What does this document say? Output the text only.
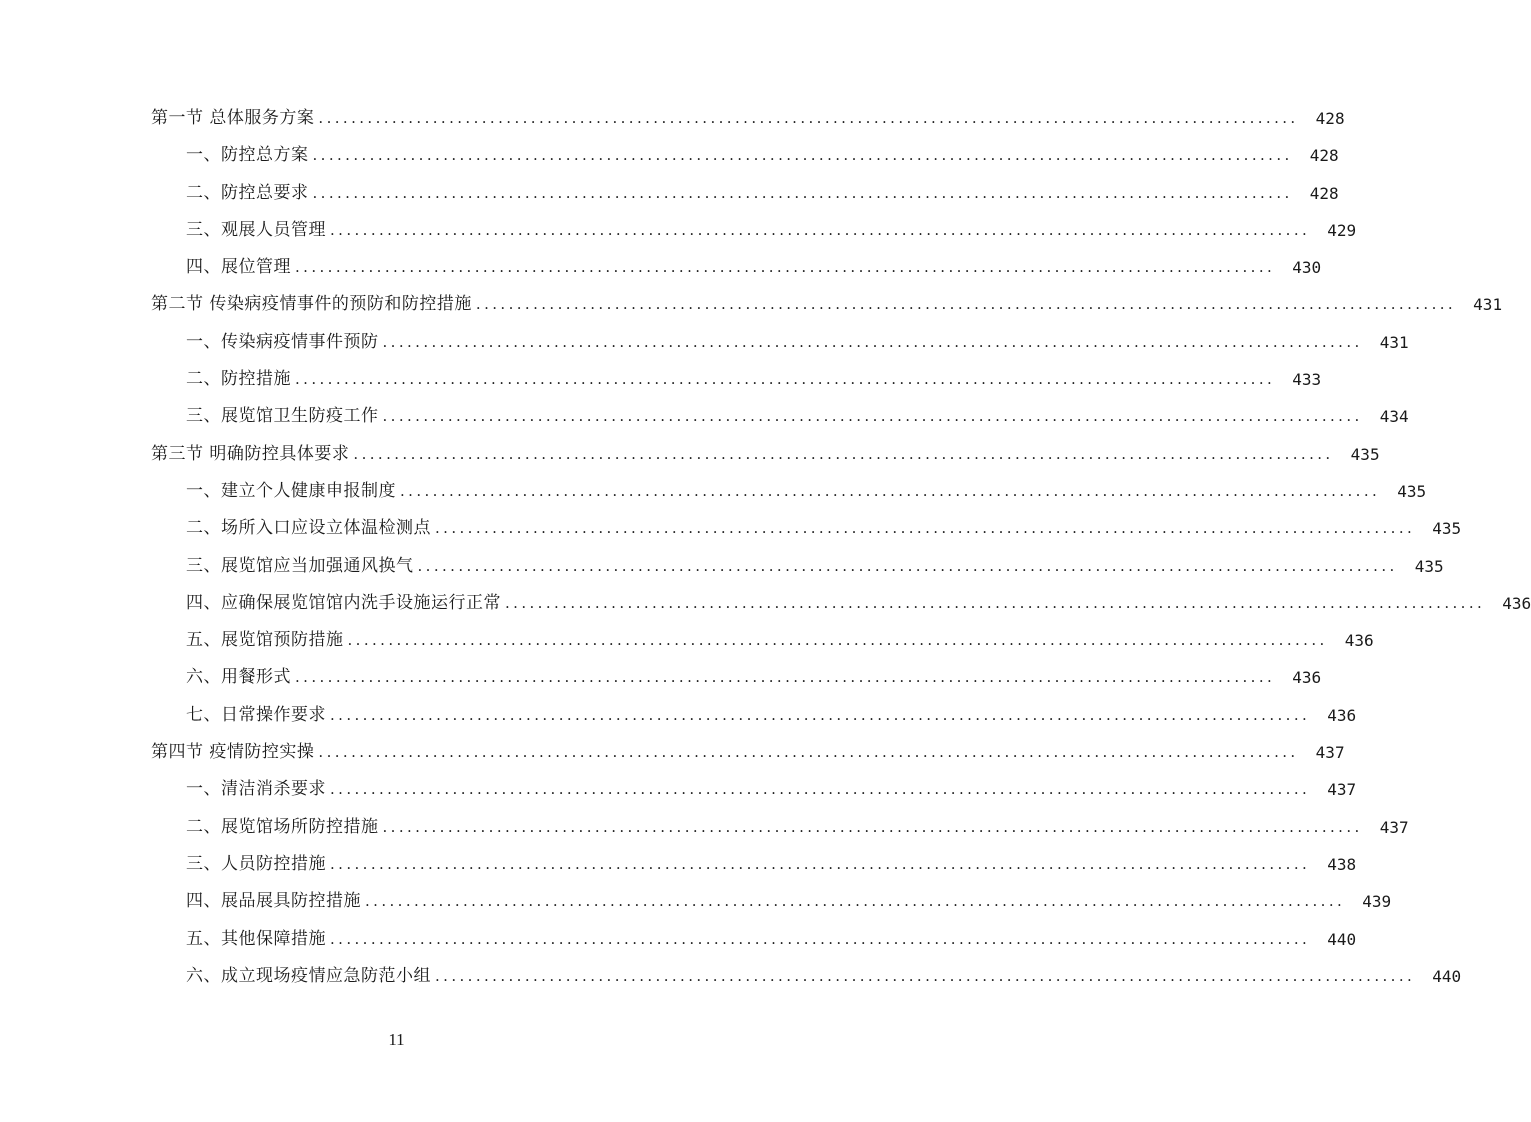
第一节 总体服务方案 ........................................................................................................................	428
一、防控总方案 ........................................................................................................................	428
二、防控总要求 ........................................................................................................................	428
三、观展人员管理 ........................................................................................................................	429
四、展位管理 ........................................................................................................................	430
第二节 传染病疫情事件的预防和防控措施 ........................................................................................................................	431
一、传染病疫情事件预防 ........................................................................................................................	431
二、防控措施 ........................................................................................................................	433
三、展览馆卫生防疫工作 ........................................................................................................................	434
第三节 明确防控具体要求 ........................................................................................................................	435
一、建立个人健康申报制度 ........................................................................................................................	435
二、场所入口应设立体温检测点 ........................................................................................................................	435
三、展览馆应当加强通风换气 ........................................................................................................................	435
四、应确保展览馆馆内洗手设施运行正常 ........................................................................................................................	436
五、展览馆预防措施 ........................................................................................................................	436
六、用餐形式 ........................................................................................................................	436
七、日常操作要求 ........................................................................................................................	436
第四节 疫情防控实操 ........................................................................................................................	437
一、清洁消杀要求 ........................................................................................................................	437
二、展览馆场所防控措施 ........................................................................................................................	437
三、人员防控措施 ........................................................................................................................	438
四、展品展具防控措施 ........................................................................................................................	439
五、其他保障措施 ........................................................................................................................	440
六、成立现场疫情应急防范小组 ........................................................................................................................	440
11
